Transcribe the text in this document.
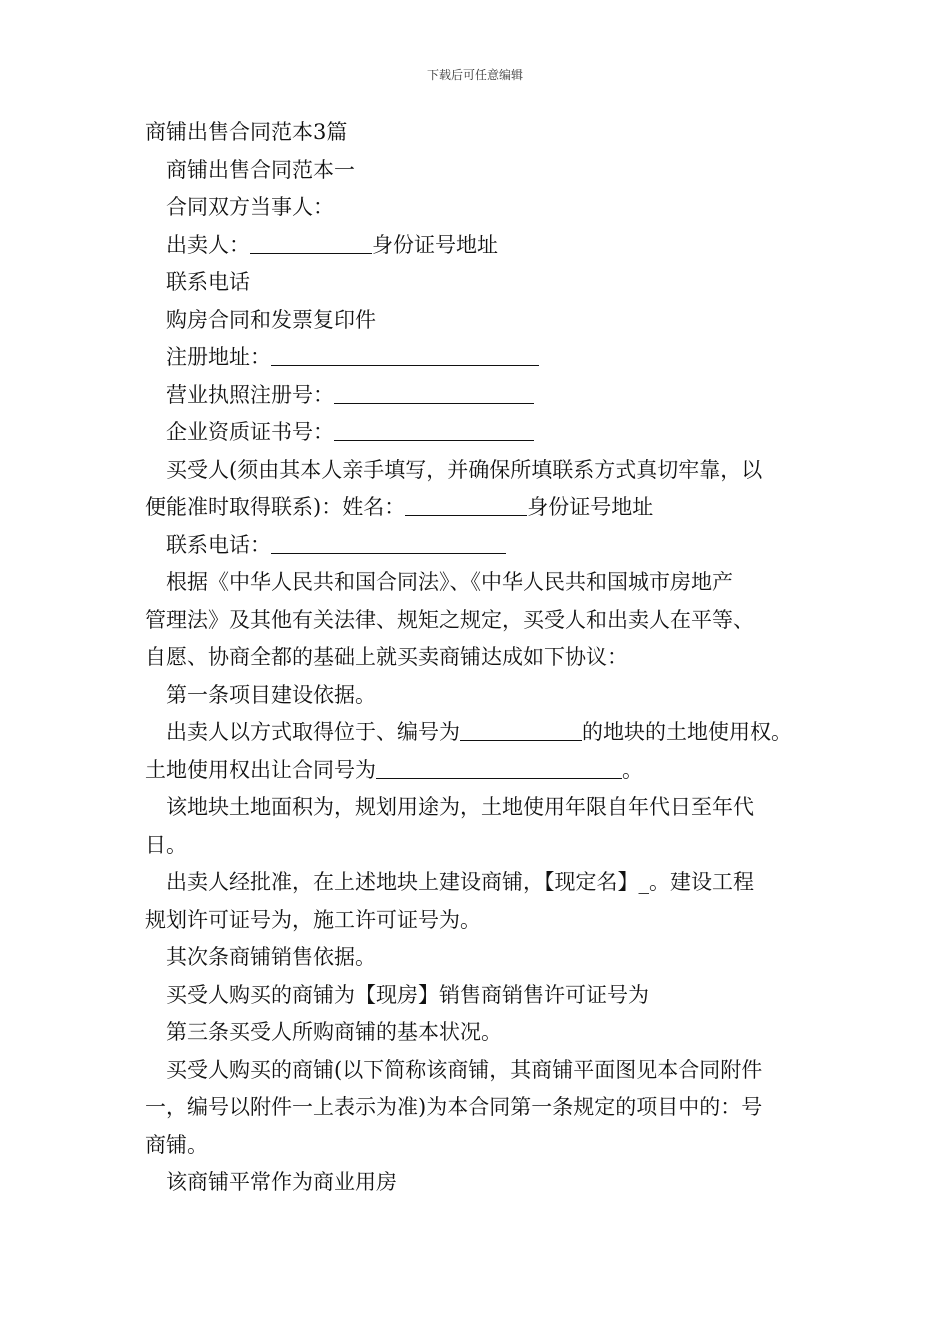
下载后可任意编辑

商铺出售合同范本3篇

商铺出售合同范本一

合同双方当事人：

出卖人：	身份证号地址

联系电话

购房合同和发票复印件

注册地址：

营业执照注册号：

企业资质证书号：

买受人(须由其本人亲手填写，并确保所填联系方式真切牢靠，以

便能准时取得联系)：姓名：	身份证号地址

联系电话：

根据《中华人民共和国合同法》、《中华人民共和国城市房地产

管理法》及其他有关法律、规矩之规定，买受人和出卖人在平等、

自愿、协商全都的基础上就买卖商铺达成如下协议：

第一条项目建设依据。

出卖人以方式取得位于、编号为	的地块的土地使用权。

土地使用权出让合同号为	。

该地块土地面积为，规划用途为，土地使用年限自年代日至年代

日。

出卖人经批准，在上述地块上建设商铺，【现定名】_。建设工程

规划许可证号为，施工许可证号为。

其次条商铺销售依据。

买受人购买的商铺为【现房】销售商销售许可证号为

第三条买受人所购商铺的基本状况。

买受人购买的商铺(以下简称该商铺，其商铺平面图见本合同附件

一，编号以附件一上表示为准)为本合同第一条规定的项目中的：号

商铺。

该商铺平常作为商业用房
